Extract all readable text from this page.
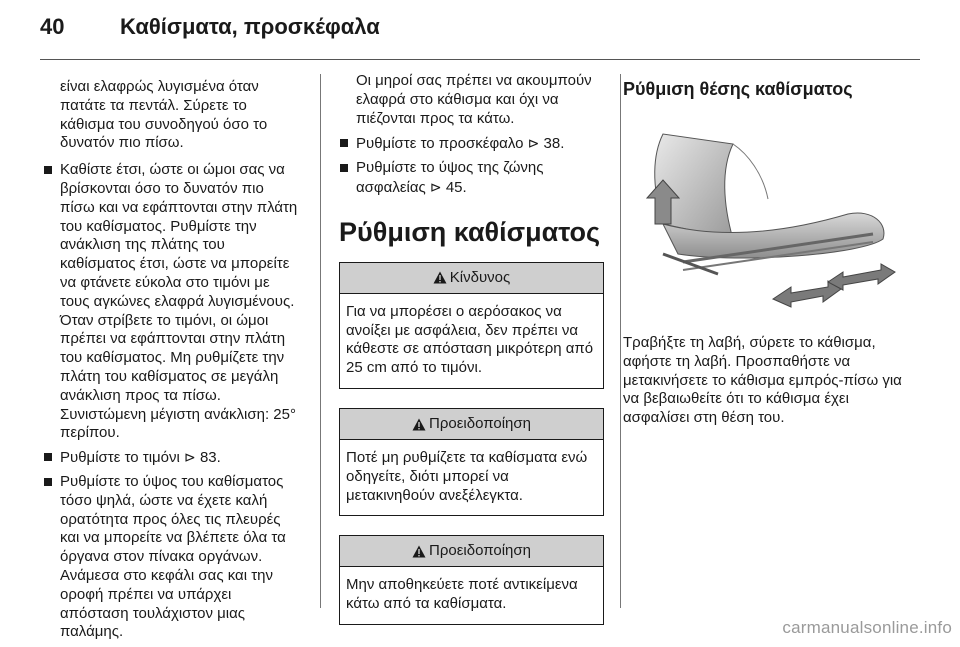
40	Καθίσματα, προσκέφαλα

είναι ελαφρώς λυγισμένα όταν πατάτε τα πεντάλ. Σύρετε το κάθισμα του συνοδηγού όσο το δυνατόν πιο πίσω.

Καθίστε έτσι, ώστε οι ώμοι σας να βρίσκονται όσο το δυνατόν πιο πίσω και να εφάπτονται στην πλάτη του καθίσματος. Ρυθμίστε την ανάκλιση της πλάτης του καθίσματος έτσι, ώστε να μπορείτε να φτάνετε εύκολα στο τιμόνι με τους αγκώνες ελαφρά λυγισμένους. Όταν στρίβετε το τιμόνι, οι ώμοι πρέπει να εφάπτονται στην πλάτη του καθίσματος. Μη ρυθμίζετε την πλάτη του καθίσματος σε μεγάλη ανάκλιση προς τα πίσω. Συνιστώμενη μέγιστη ανάκλιση: 25° περίπου.
Ρυθμίστε το τιμόνι ⊳ 83.
Ρυθμίστε το ύψος του καθίσματος τόσο ψηλά, ώστε να έχετε καλή ορατότητα προς όλες τις πλευρές και να μπορείτε να βλέπετε όλα τα όργανα στον πίνακα οργάνων. Ανάμεσα στο κεφάλι σας και την οροφή πρέπει να υπάρχει απόσταση τουλάχιστον μιας παλάμης.

Οι μηροί σας πρέπει να ακουμπούν ελαφρά στο κάθισμα και όχι να πιέζονται προς τα κάτω.

Ρυθμίστε το προσκέφαλο ⊳ 38.
Ρυθμίστε το ύψος της ζώνης ασφαλείας ⊳ 45.
Ρύθμιση καθίσματος
Κίνδυνος
Για να μπορέσει ο αερόσακος να ανοίξει με ασφάλεια, δεν πρέπει να κάθεστε σε απόσταση μικρότερη από 25 cm από το τιμόνι.
Προειδοποίηση
Ποτέ μη ρυθμίζετε τα καθίσματα ενώ οδηγείτε, διότι μπορεί να μετακινηθούν ανεξέλεγκτα.
Προειδοποίηση
Μην αποθηκεύετε ποτέ αντικείμενα κάτω από τα καθίσματα.
Ρύθμιση θέσης καθίσματος

Τραβήξτε τη λαβή, σύρετε το κάθισμα, αφήστε τη λαβή. Προσπαθήστε να μετακινήσετε το κάθισμα εμπρός-πίσω για να βεβαιωθείτε ότι το κάθισμα έχει ασφαλίσει στη θέση του.

carmanualsonline.info
